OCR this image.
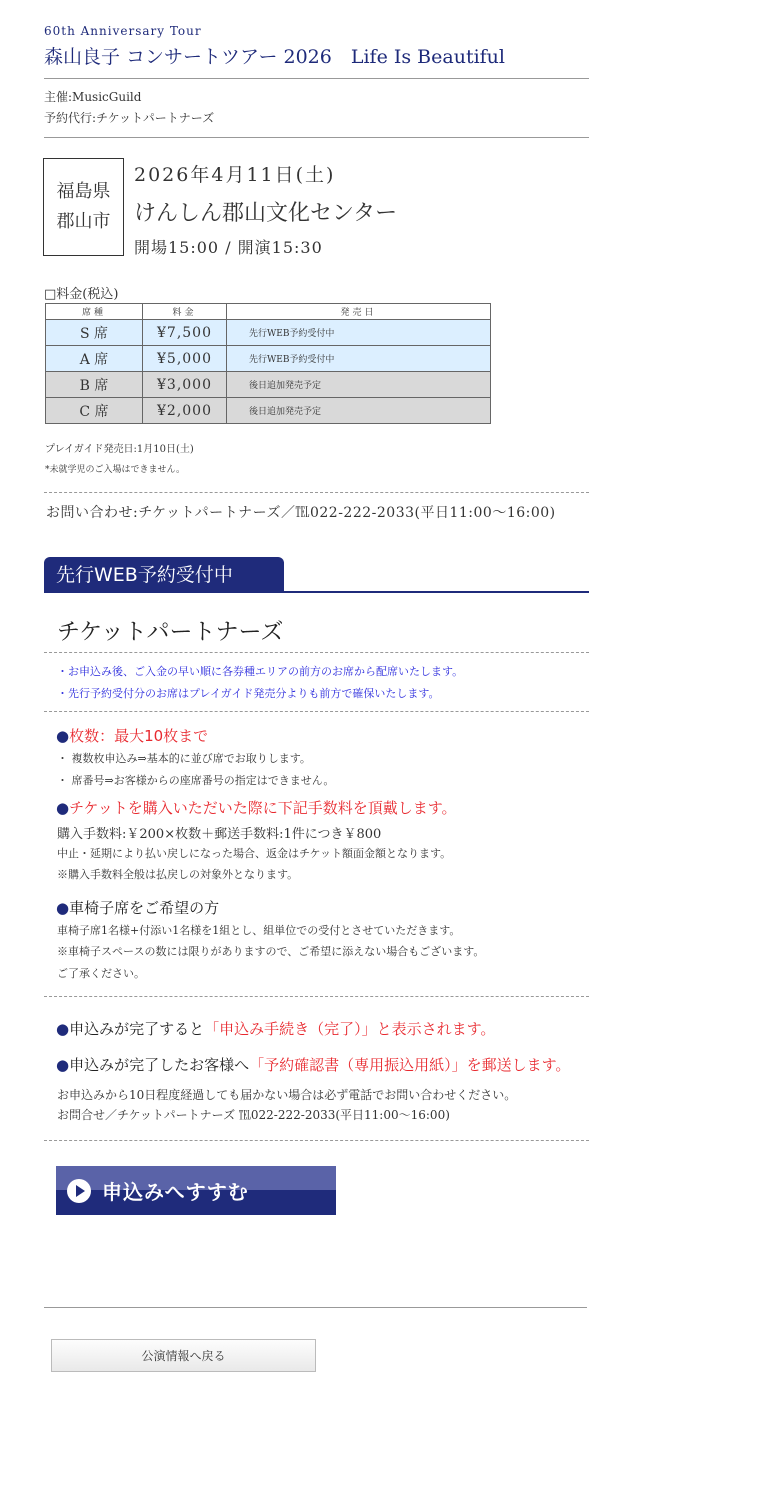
60th Anniversary Tour
森山良子 コンサートツアー 2026　Life Is Beautiful
主催:MusicGuild
予約代行:チケットパートナーズ
福島県
郡山市
2026年4月11日(土)
けんしん郡山文化センター
開場15:00 / 開演15:30
□料金(税込)
席種	料金	発売日
S 席	¥7,500	先行WEB予約受付中
A 席	¥5,000	先行WEB予約受付中
B 席	¥3,000	後日追加発売予定
C 席	¥2,000	後日追加発売予定
プレイガイド発売日:1月10日(土)
*未就学児のご入場はできません。
お問い合わせ:チケットパートナーズ／℡022-222-2033(平日11:00〜16:00)
先行WEB予約受付中
チケットパートナーズ
・お申込み後、ご入金の早い順に各券種エリアの前方のお席から配席いたします。
・先行予約受付分のお席はプレイガイド発売分よりも前方で確保いたします。
●枚数：最大10枚まで
・ 複数枚申込み⇒基本的に並び席でお取りします。
・ 席番号⇒お客様からの座席番号の指定はできません。
●チケットを購入いただいた際に下記手数料を頂戴します。
購入手数料:￥200×枚数＋郵送手数料:1件につき￥800
中止・延期により払い戻しになった場合、返金はチケット額面金額となります。
※購入手数料全般は払戻しの対象外となります。
●車椅子席をご希望の方
車椅子席1名様+付添い1名様を1組とし、組単位での受付とさせていただきます。
※車椅子スペースの数には限りがありますので、ご希望に添えない場合もございます。
ご了承ください。
●申込みが完了すると「申込み手続き（完了）」と表示されます。
●申込みが完了したお客様へ「予約確認書（専用振込用紙）」を郵送します。
お申込みから10日程度経過しても届かない場合は必ず電話でお問い合わせください。
お問合せ／チケットパートナーズ ℡022-222-2033(平日11:00〜16:00)
申込みへすすむ
公演情報へ戻る
